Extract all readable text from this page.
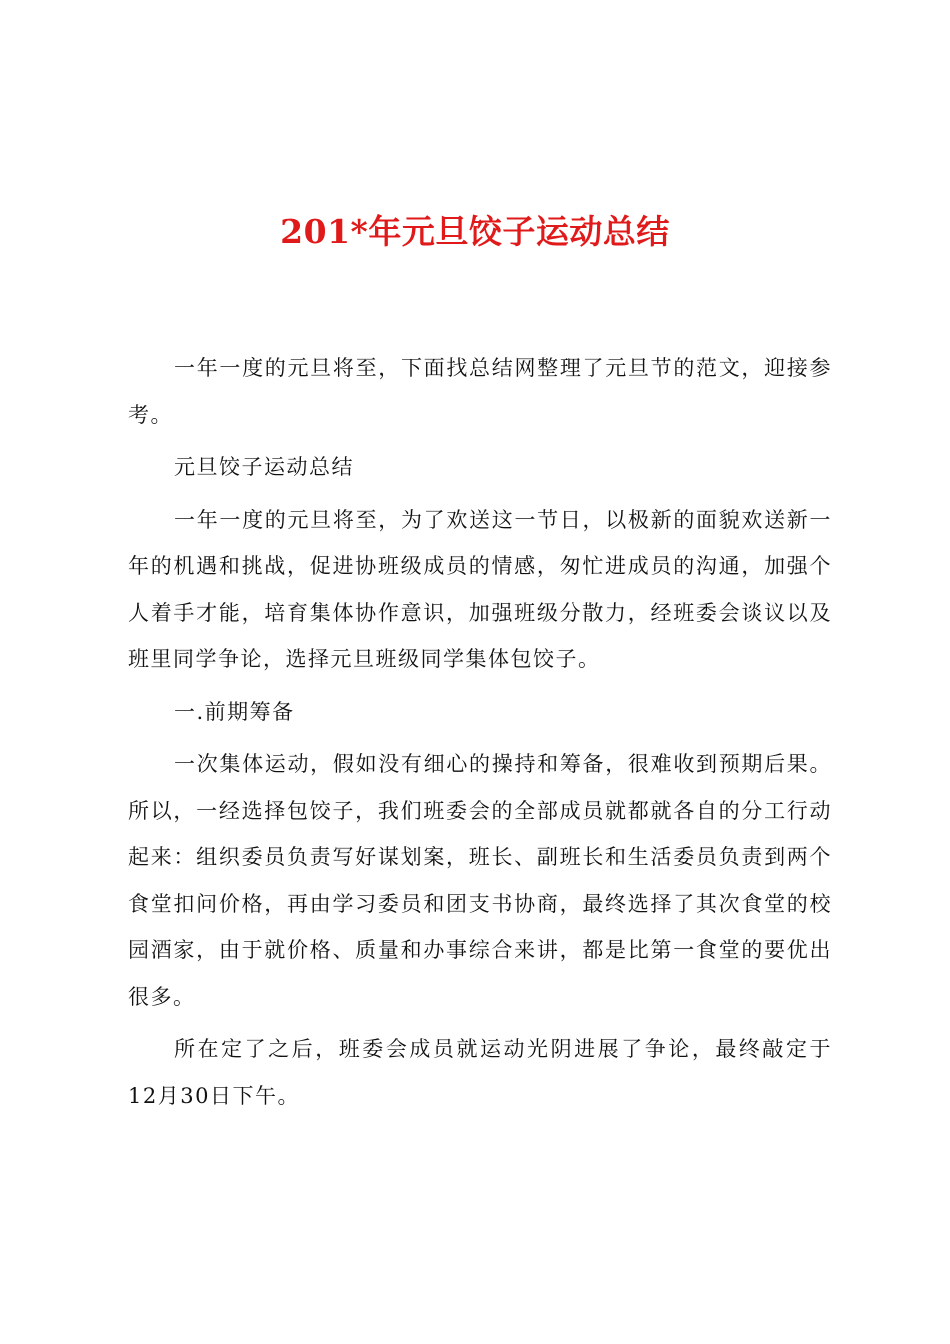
201*年元旦饺子运动总结

一年一度的元旦将至，下面找总结网整理了元旦节的范文，迎接参考。

元旦饺子运动总结

一年一度的元旦将至，为了欢送这一节日，以极新的面貌欢送新一年的机遇和挑战，促进协班级成员的情感，匆忙进成员的沟通，加强个人着手才能，培育集体协作意识，加强班级分散力，经班委会谈议以及班里同学争论，选择元旦班级同学集体包饺子。

一.前期筹备

一次集体运动，假如没有细心的操持和筹备，很难收到预期后果。所以，一经选择包饺子，我们班委会的全部成员就都就各自的分工行动起来：组织委员负责写好谋划案，班长、副班长和生活委员负责到两个食堂扣问价格，再由学习委员和团支书协商，最终选择了其次食堂的校园酒家，由于就价格、质量和办事综合来讲，都是比第一食堂的要优出很多。

所在定了之后，班委会成员就运动光阴进展了争论，最终敲定于12月30日下午。
